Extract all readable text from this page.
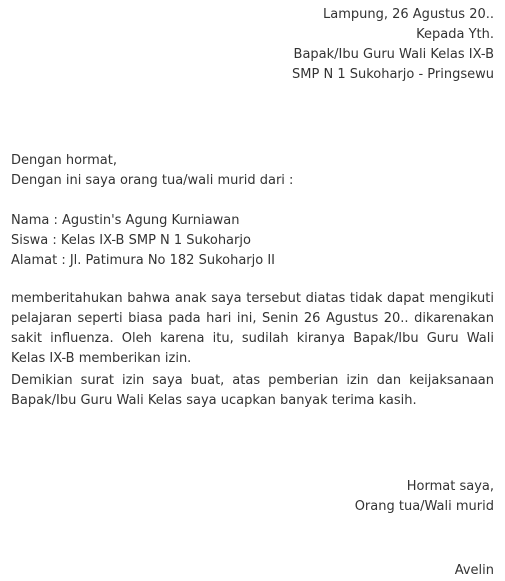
Lampung, 26 Agustus 20..
Kepada Yth.
Bapak/Ibu Guru Wali Kelas IX-B
SMP N 1 Sukoharjo - Pringsewu
Dengan hormat,
Dengan ini saya orang tua/wali murid dari :
Nama : Agustin's Agung Kurniawan
Siswa : Kelas IX-B SMP N 1 Sukoharjo
Alamat : Jl. Patimura No 182 Sukoharjo II
memberitahukan bahwa anak saya tersebut diatas tidak dapat mengikuti pelajaran seperti biasa pada hari ini, Senin 26 Agustus 20.. dikarenakan sakit influenza. Oleh karena itu, sudilah kiranya Bapak/Ibu Guru Wali Kelas IX-B memberikan izin.
Demikian surat izin saya buat, atas pemberian izin dan keijaksanaan Bapak/Ibu Guru Wali Kelas saya ucapkan banyak terima kasih.
Hormat saya,
Orang tua/Wali murid
Avelin
